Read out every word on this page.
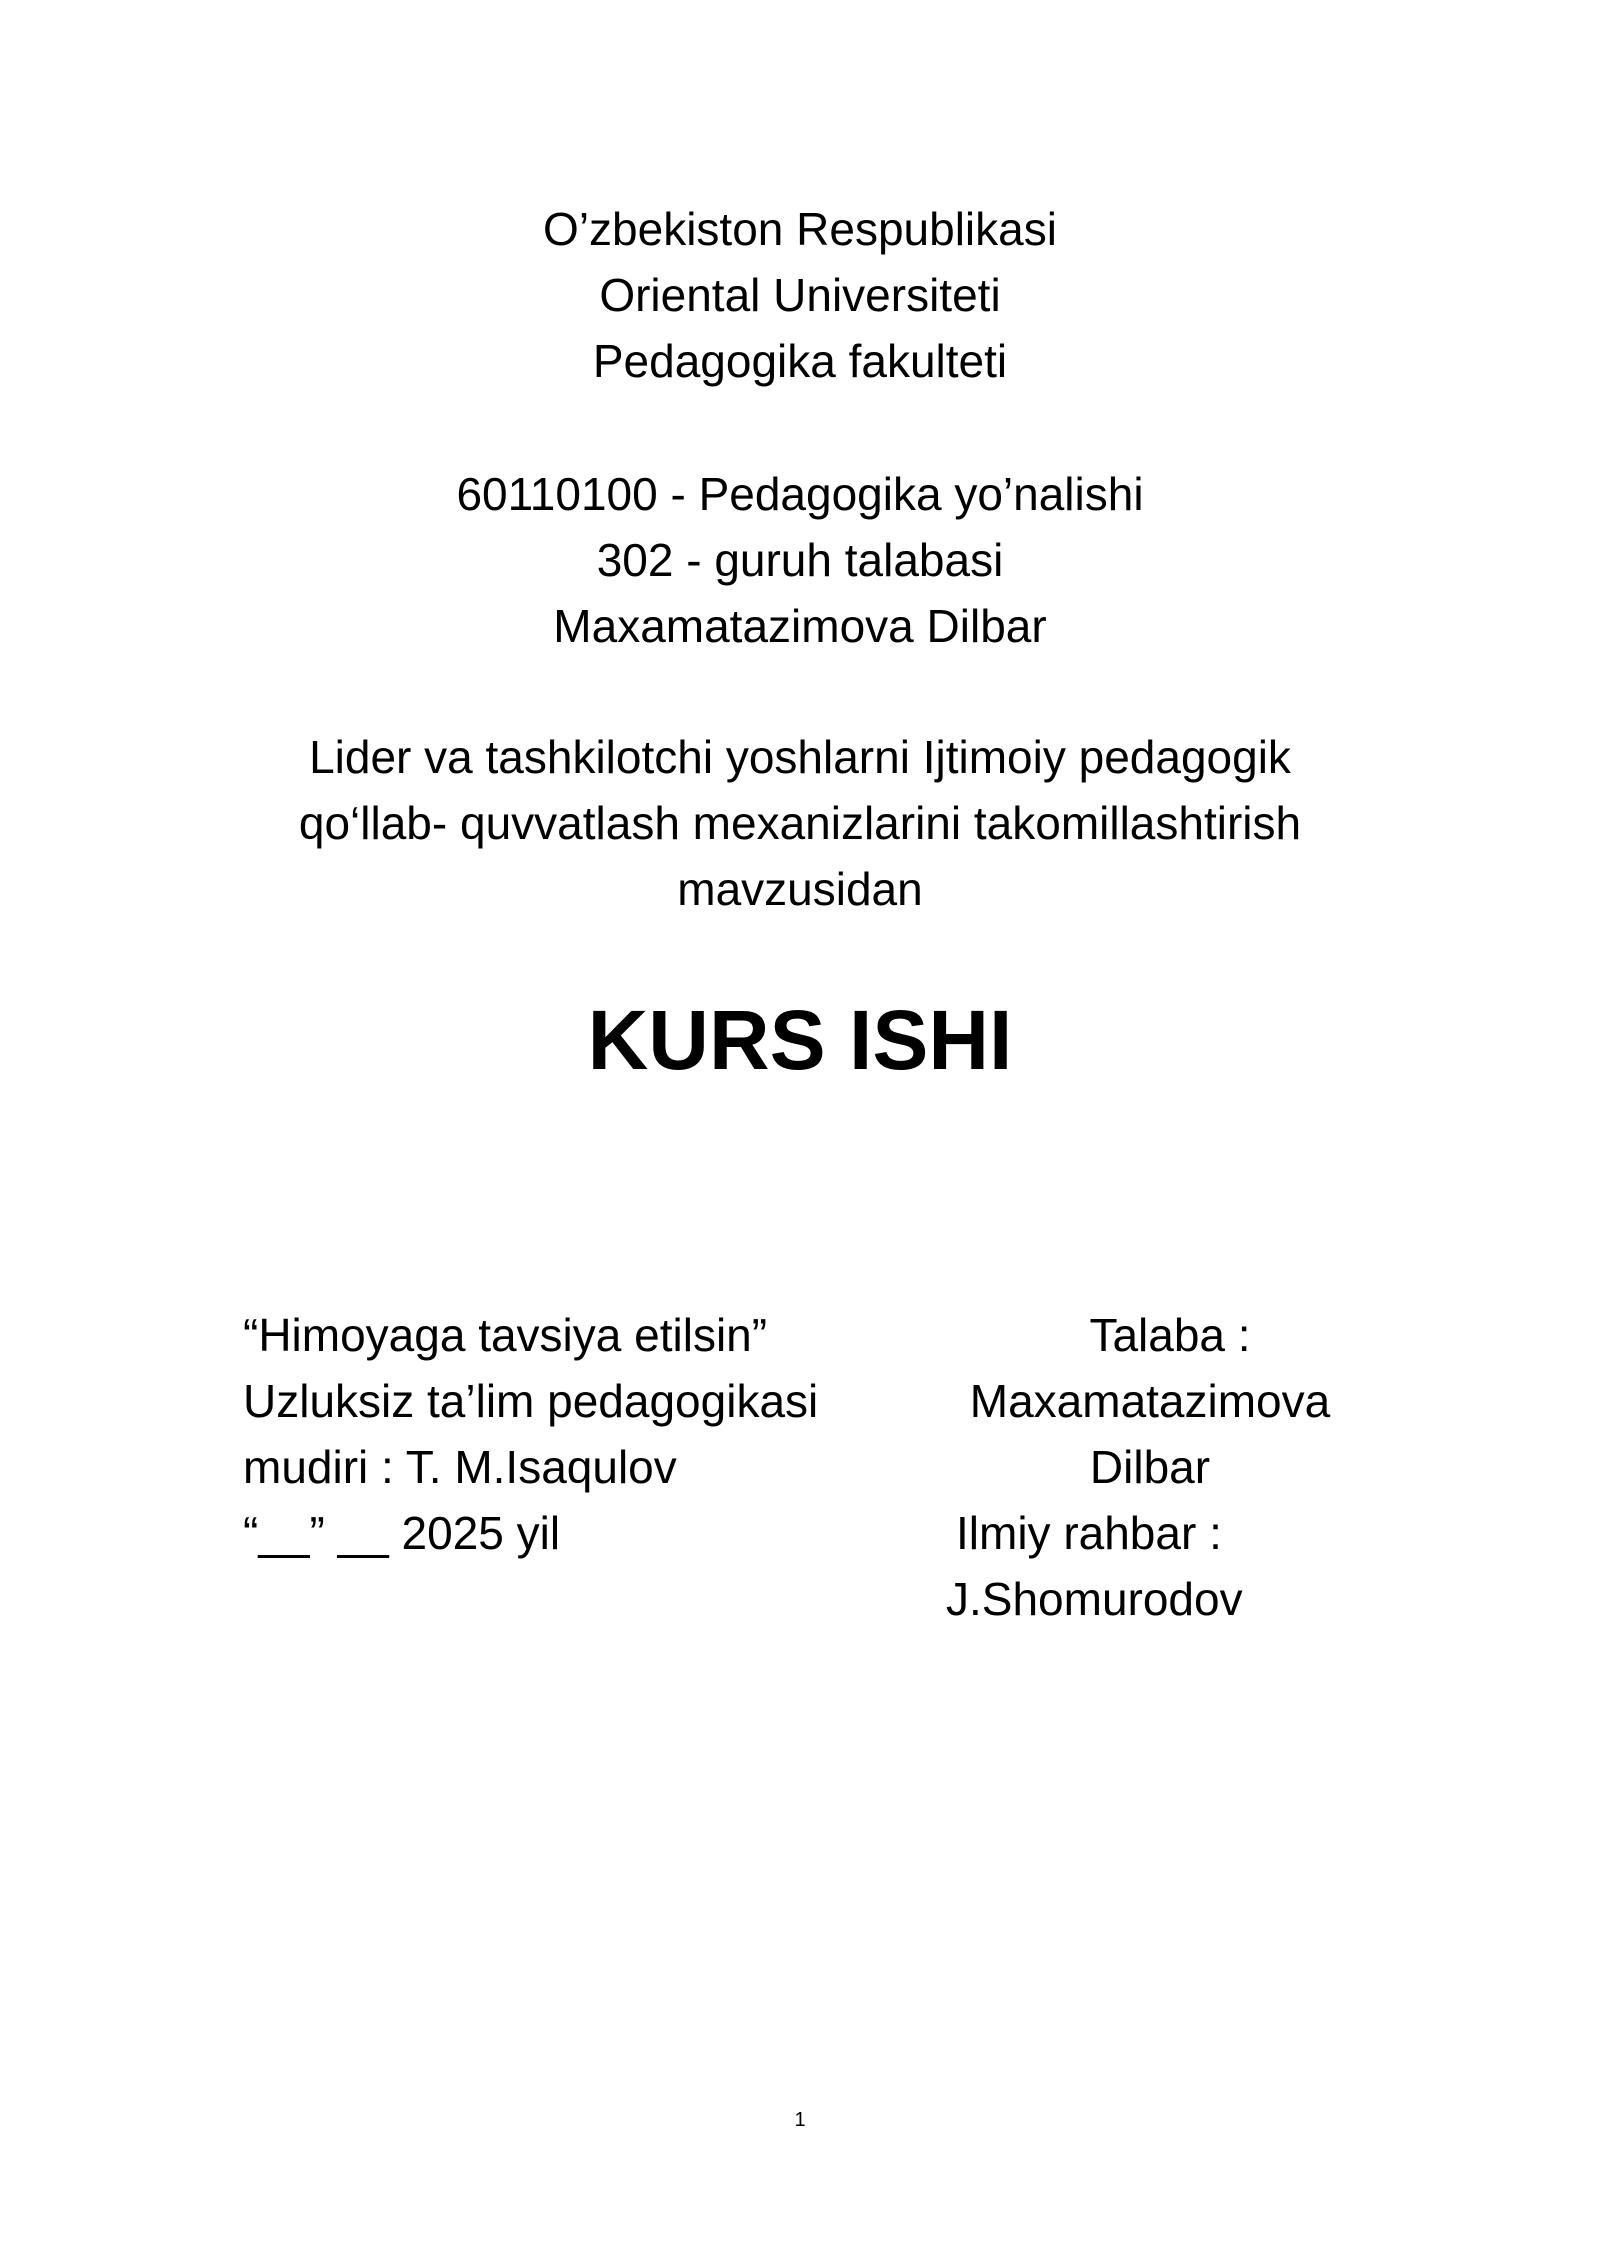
O’zbekiston Respublikasi
Oriental Universiteti
Pedagogika fakulteti
60110100 - Pedagogika yo’nalishi
302 - guruh talabasi
Maxamatazimova Dilbar
Lider va tashkilotchi yoshlarni Ijtimoiy pedagogik
qo‘llab- quvvatlash mexanizlarini takomillashtirish
mavzusidan
KURS ISHI
“Himoyaga tavsiya etilsin”
Uzluksiz ta’lim pedagogikasi
mudiri : T. M.Isaqulov
“__” __ 2025 yil
Talaba :
Maxamatazimova
Dilbar
Ilmiy rahbar :
J.Shomurodov
1
